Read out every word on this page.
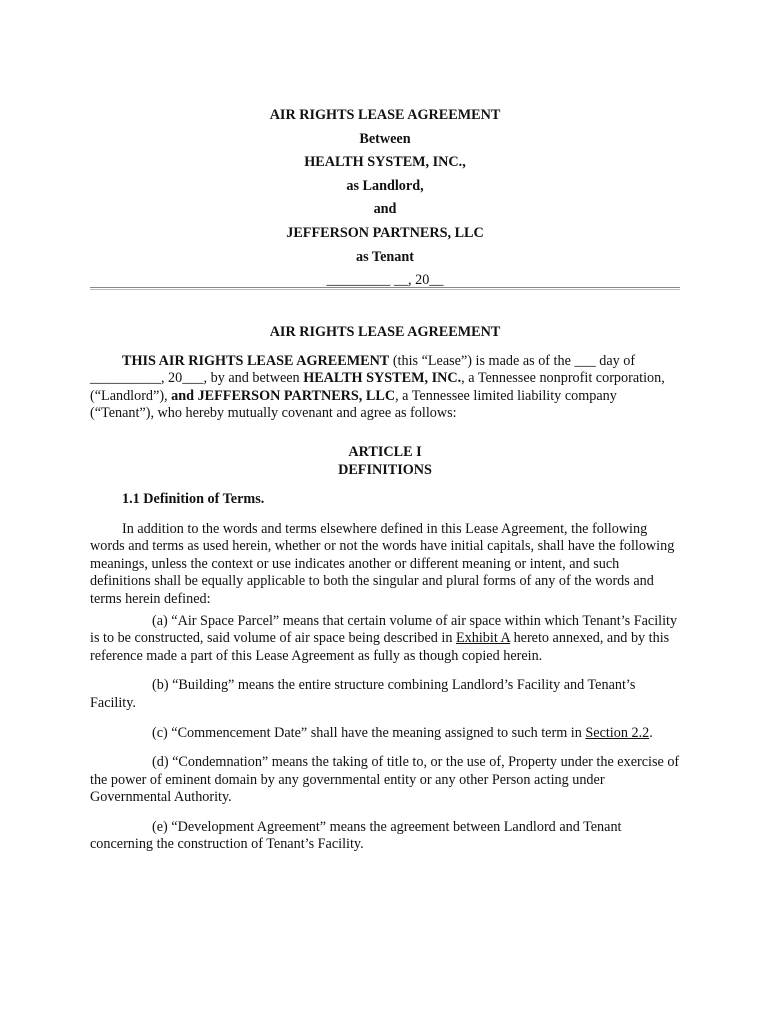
AIR RIGHTS LEASE AGREEMENT
Between
HEALTH SYSTEM, INC.,
as Landlord,
and
JEFFERSON PARTNERS, LLC
as Tenant
_________ __, 20__

AIR RIGHTS LEASE AGREEMENT

THIS AIR RIGHTS LEASE AGREEMENT (this “Lease”) is made as of the ___ day of __________, 20___, by and between HEALTH SYSTEM, INC., a Tennessee nonprofit corporation, (“Landlord”), and JEFFERSON PARTNERS, LLC, a Tennessee limited liability company (“Tenant”), who hereby mutually covenant and agree as follows:

ARTICLE I

DEFINITIONS

1.1 Definition of Terms.

In addition to the words and terms elsewhere defined in this Lease Agreement, the following words and terms as used herein, whether or not the words have initial capitals, shall have the following meanings, unless the context or use indicates another or different meaning or intent, and such definitions shall be equally applicable to both the singular and plural forms of any of the words and terms herein defined:

(a) “Air Space Parcel” means that certain volume of air space within which Tenant’s Facility is to be constructed, said volume of air space being described in Exhibit A hereto annexed, and by this reference made a part of this Lease Agreement as fully as though copied herein.

(b) “Building” means the entire structure combining Landlord’s Facility and Tenant’s Facility.

(c) “Commencement Date” shall have the meaning assigned to such term in Section 2.2.

(d) “Condemnation” means the taking of title to, or the use of, Property under the exercise of the power of eminent domain by any governmental entity or any other Person acting under Governmental Authority.

(e) “Development Agreement” means the agreement between Landlord and Tenant concerning the construction of Tenant’s Facility.
